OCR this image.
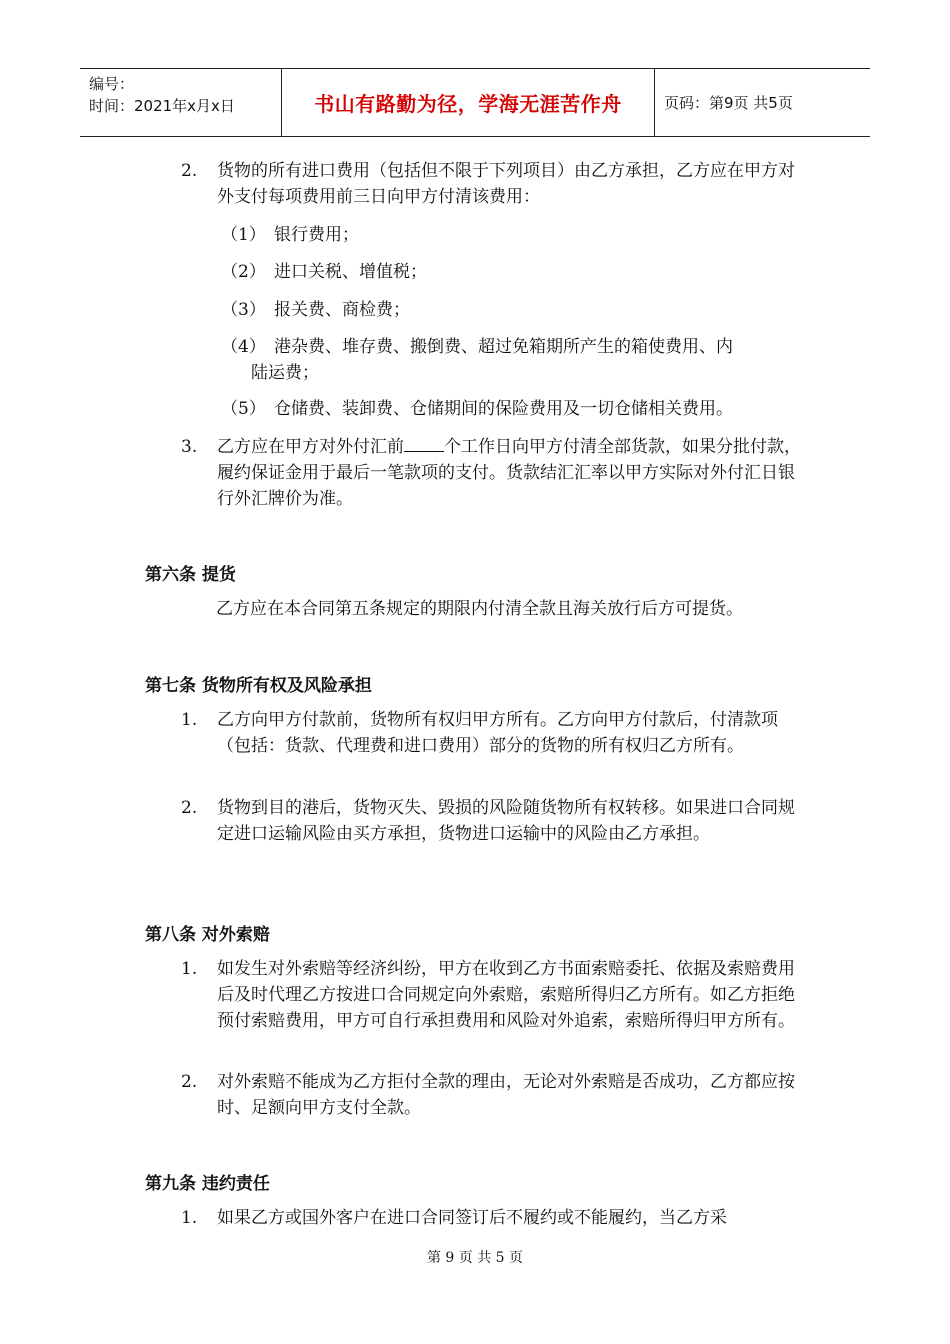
编号：
时间：2021年x月x日	书山有路勤为径，学海无涯苦作舟	页码：第9页 共5页
2. 货物的所有进口费用（包括但不限于下列项目）由乙方承担，乙方应在甲方对外支付每项费用前三日向甲方付清该费用：
（1） 银行费用；
（2） 进口关税、增值税；
（3） 报关费、商检费；
（4） 港杂费、堆存费、搬倒费、超过免箱期所产生的箱使费用、内
陆运费；
（5） 仓储费、装卸费、仓储期间的保险费用及一切仓储相关费用。
3. 乙方应在甲方对外付汇前 个工作日向甲方付清全部货款，如果分批付款，履约保证金用于最后一笔款项的支付。货款结汇汇率以甲方实际对外付汇日银行外汇牌价为准。
第六条 提货
乙方应在本合同第五条规定的期限内付清全款且海关放行后方可提货。
第七条 货物所有权及风险承担
1. 乙方向甲方付款前，货物所有权归甲方所有。乙方向甲方付款后，付清款项（包括：货款、代理费和进口费用）部分的货物的所有权归乙方所有。
2. 货物到目的港后，货物灭失、毁损的风险随货物所有权转移。如果进口合同规定进口运输风险由买方承担，货物进口运输中的风险由乙方承担。
第八条 对外索赔
1. 如发生对外索赔等经济纠纷，甲方在收到乙方书面索赔委托、依据及索赔费用后及时代理乙方按进口合同规定向外索赔，索赔所得归乙方所有。如乙方拒绝预付索赔费用，甲方可自行承担费用和风险对外追索，索赔所得归甲方所有。
2. 对外索赔不能成为乙方拒付全款的理由，无论对外索赔是否成功，乙方都应按时、足额向甲方支付全款。
第九条 违约责任
1. 如果乙方或国外客户在进口合同签订后不履约或不能履约，当乙方采
第 9 页 共 5 页
